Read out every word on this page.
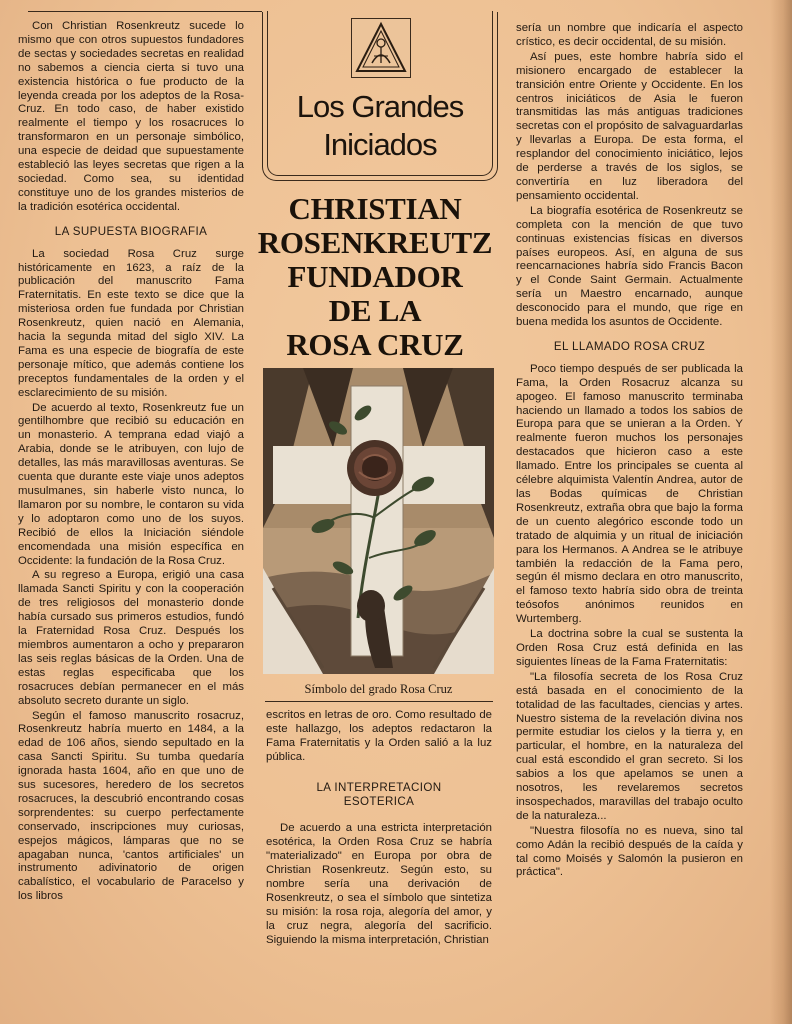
Con Christian Rosenkreutz sucede lo mismo que con otros supuestos fundadores de sectas y sociedades secretas en realidad no sabemos a ciencia cierta si tuvo una existencia histórica o fue producto de la leyenda creada por los adeptos de la Rosa-Cruz. En todo caso, de haber existido realmente el tiempo y los rosacruces lo transformaron en un personaje simbólico, una especie de deidad que supuestamente estableció las leyes secretas que rigen a la sociedad. Como sea, su identidad constituye uno de los grandes misterios de la tradición esotérica occidental.

LA SUPUESTA BIOGRAFIA

La sociedad Rosa Cruz surge históricamente en 1623, a raíz de la publicación del manuscrito Fama Fraternitatis. En este texto se dice que la misteriosa orden fue fundada por Christian Rosenkreutz, quien nació en Alemania, hacia la segunda mitad del siglo XIV. La Fama es una especie de biografía de este personaje mítico, que además contiene los preceptos fundamentales de la orden y el esclarecimiento de su misión.

De acuerdo al texto, Rosenkreutz fue un gentilhombre que recibió su educación en un monasterio. A temprana edad viajó a Arabia, donde se le atribuyen, con lujo de detalles, las más maravillosas aventuras. Se cuenta que durante este viaje unos adeptos musulmanes, sin haberle visto nunca, lo llamaron por su nombre, le contaron su vida y lo adoptaron como uno de los suyos. Recibió de ellos la Iniciación siéndole encomendada una misión específica en Occidente: la fundación de la Rosa Cruz.

A su regreso a Europa, erigió una casa llamada Sancti Spiritu y con la cooperación de tres religiosos del monasterio donde había cursado sus primeros estudios, fundó la Fraternidad Rosa Cruz. Después los miembros aumentaron a ocho y prepararon las seis reglas básicas de la Orden. Una de estas reglas especificaba que los rosacruces debían permanecer en el más absoluto secreto durante un siglo.

Según el famoso manuscrito rosacruz, Rosenkreutz habría muerto en 1484, a la edad de 106 años, siendo sepultado en la casa Sancti Spiritu. Su tumba quedaría ignorada hasta 1604, año en que uno de sus sucesores, heredero de los secretos rosacruces, la descubrió encontrando cosas sorprendentes: su cuerpo perfectamente conservado, inscripciones muy curiosas, espejos mágicos, lámparas que no se apagaban nunca, 'cantos artificiales' un instrumento adivinatorio de origen cabalístico, el vocabulario de Paracelso y los libros

Los Grandes
Iniciados
CHRISTIAN
ROSENKREUTZ
FUNDADOR
DE LA
ROSA CRUZ
Símbolo del grado Rosa Cruz

escritos en letras de oro. Como resultado de este hallazgo, los adeptos redactaron la Fama Fraternitatis y la Orden salió a la luz pública.

LA INTERPRETACION ESOTERICA

De acuerdo a una estricta interpretación esotérica, la Orden Rosa Cruz se habría "materializado" en Europa por obra de Christian Rosenkreutz. Según esto, su nombre sería una derivación de Rosenkreutz, o sea el símbolo que sintetiza su misión: la rosa roja, alegoría del amor, y la cruz negra, alegoría del sacrificio. Siguiendo la misma interpretación, Christian

sería un nombre que indicaría el aspecto crístico, es decir occidental, de su misión.

Así pues, este hombre habría sido el misionero encargado de establecer la transición entre Oriente y Occidente. En los centros iniciáticos de Asia le fueron transmitidas las más antiguas tradiciones secretas con el propósito de salvaguardarlas y llevarlas a Europa. De esta forma, el resplandor del conocimiento iniciático, lejos de perderse a través de los siglos, se convertiría en luz liberadora del pensamiento occidental.

La biografía esotérica de Rosenkreutz se completa con la mención de que tuvo continuas existencias físicas en diversos países europeos. Así, en alguna de sus reencarnaciones habría sido Francis Bacon y el Conde Saint Germain. Actualmente sería un Maestro encarnado, aunque desconocido para el mundo, que rige en buena medida los asuntos de Occidente.

EL LLAMADO ROSA CRUZ

Poco tiempo después de ser publicada la Fama, la Orden Rosacruz alcanza su apogeo. El famoso manuscrito terminaba haciendo un llamado a todos los sabios de Europa para que se unieran a la Orden. Y realmente fueron muchos los personajes destacados que hicieron caso a este llamado. Entre los principales se cuenta al célebre alquimista Valentín Andrea, autor de las Bodas químicas de Christian Rosenkreutz, extraña obra que bajo la forma de un cuento alegórico esconde todo un tratado de alquimia y un ritual de iniciación para los Hermanos. A Andrea se le atribuye también la redacción de la Fama pero, según él mismo declara en otro manuscrito, el famoso texto habría sido obra de treinta teósofos anónimos reunidos en Wurtemberg.

La doctrina sobre la cual se sustenta la Orden Rosa Cruz está definida en las siguientes líneas de la Fama Fraternitatis:

"La filosofía secreta de los Rosa Cruz está basada en el conocimiento de la totalidad de las facultades, ciencias y artes. Nuestro sistema de la revelación divina nos permite estudiar los cielos y la tierra y, en particular, el hombre, en la naturaleza del cual está escondido el gran secreto. Si los sabios a los que apelamos se unen a nosotros, les revelaremos secretos insospechados, maravillas del trabajo oculto de la naturaleza...

"Nuestra filosofía no es nueva, sino tal como Adán la recibió después de la caída y tal como Moisés y Salomón la pusieron en práctica".
